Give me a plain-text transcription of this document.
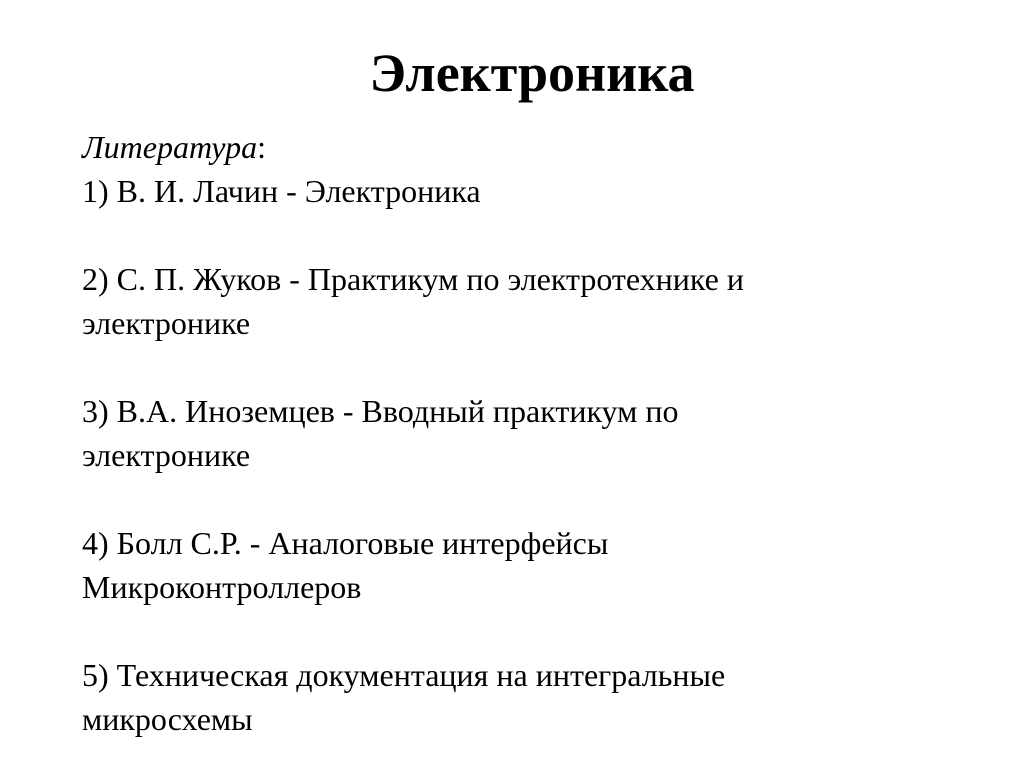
Электроника
Литература:
1) В. И. Лачин - Электроника
2) С. П. Жуков - Практикум по электротехнике и
электронике
3) В.А. Иноземцев - Вводный практикум по
электронике
4) Болл С.Р. - Аналоговые интерфейсы
Микроконтроллеров
5) Техническая документация на интегральные
микросхемы
